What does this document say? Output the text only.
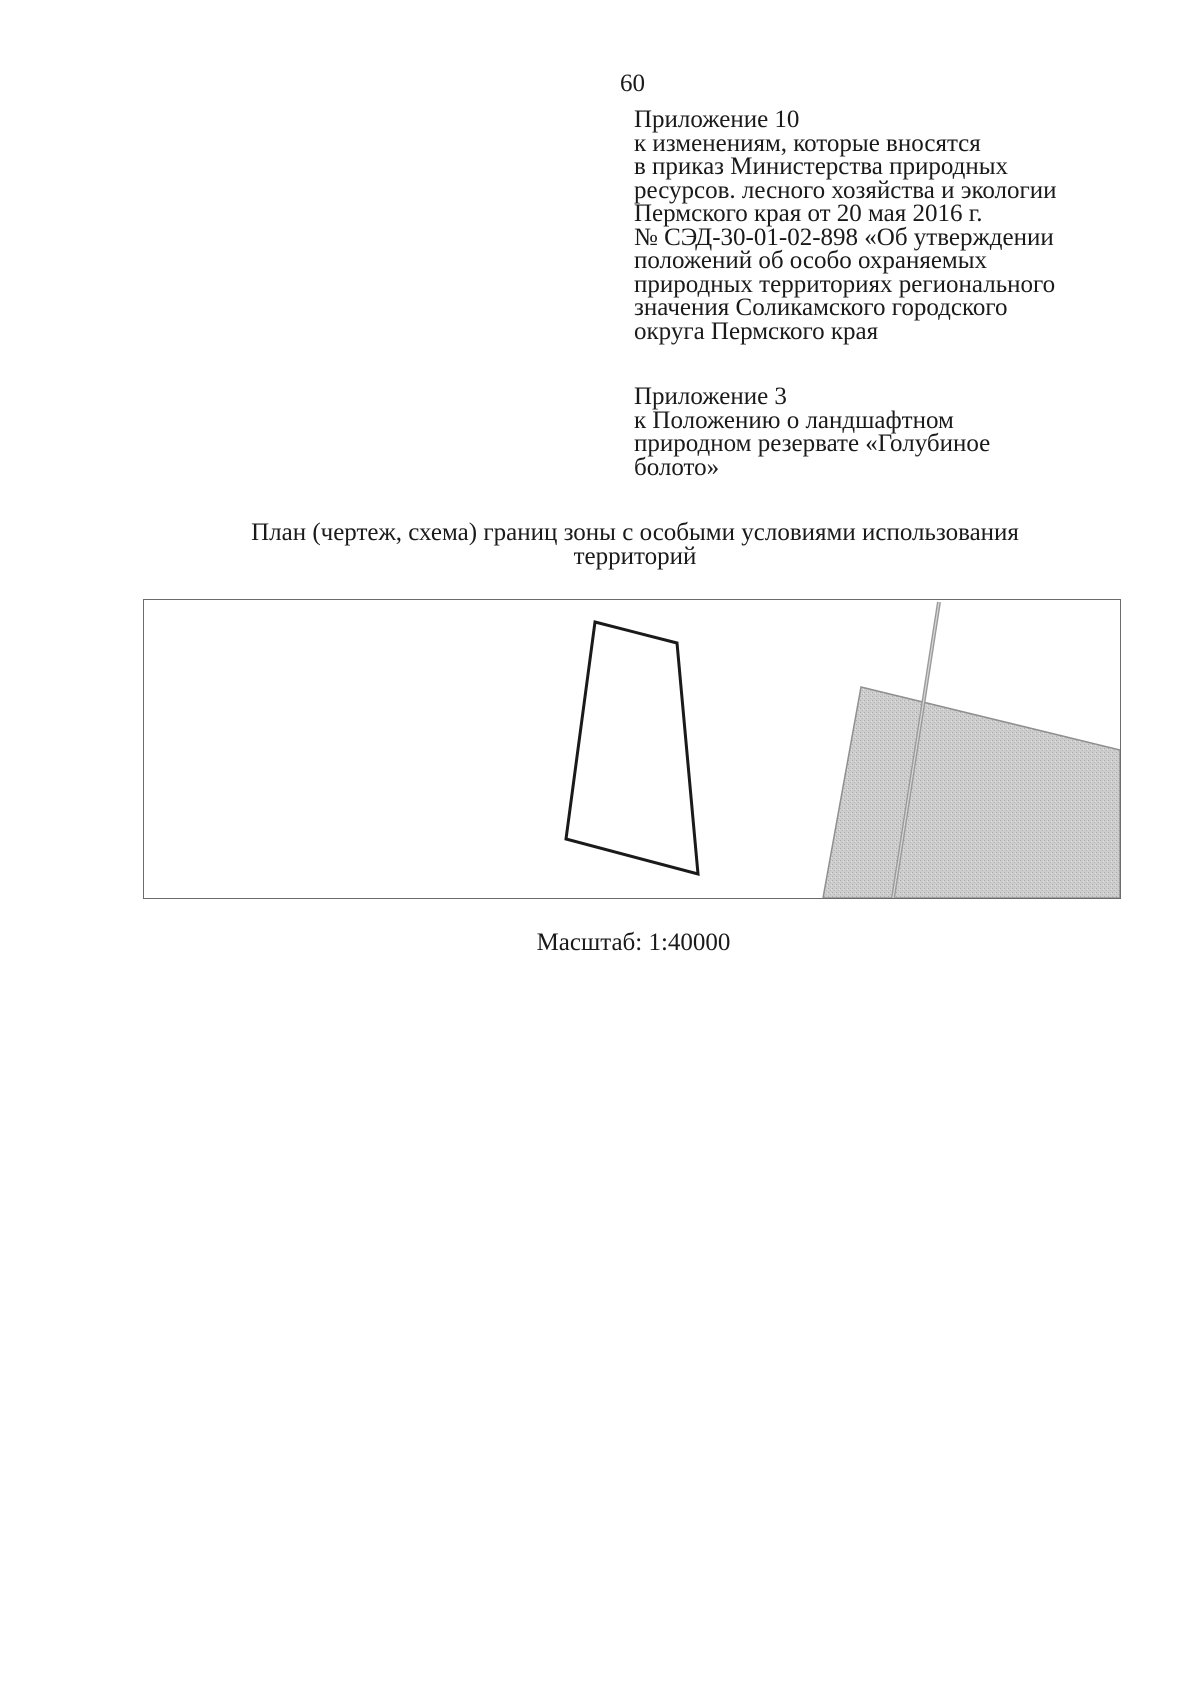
60
Приложение 10
к изменениям, которые вносятся
в приказ Министерства природных
ресурсов. лесного хозяйства и экологии
Пермского края от 20 мая 2016 г.
№ СЭД-30-01-02-898 «Об утверждении
положений об особо охраняемых
природных территориях регионального
значения Соликамского городского
округа Пермского края
Приложение 3
к Положению о ландшафтном
природном резервате «Голубиное
болото»
План (чертеж, схема) границ зоны с особыми условиями использования
территорий
Масштаб: 1:40000
